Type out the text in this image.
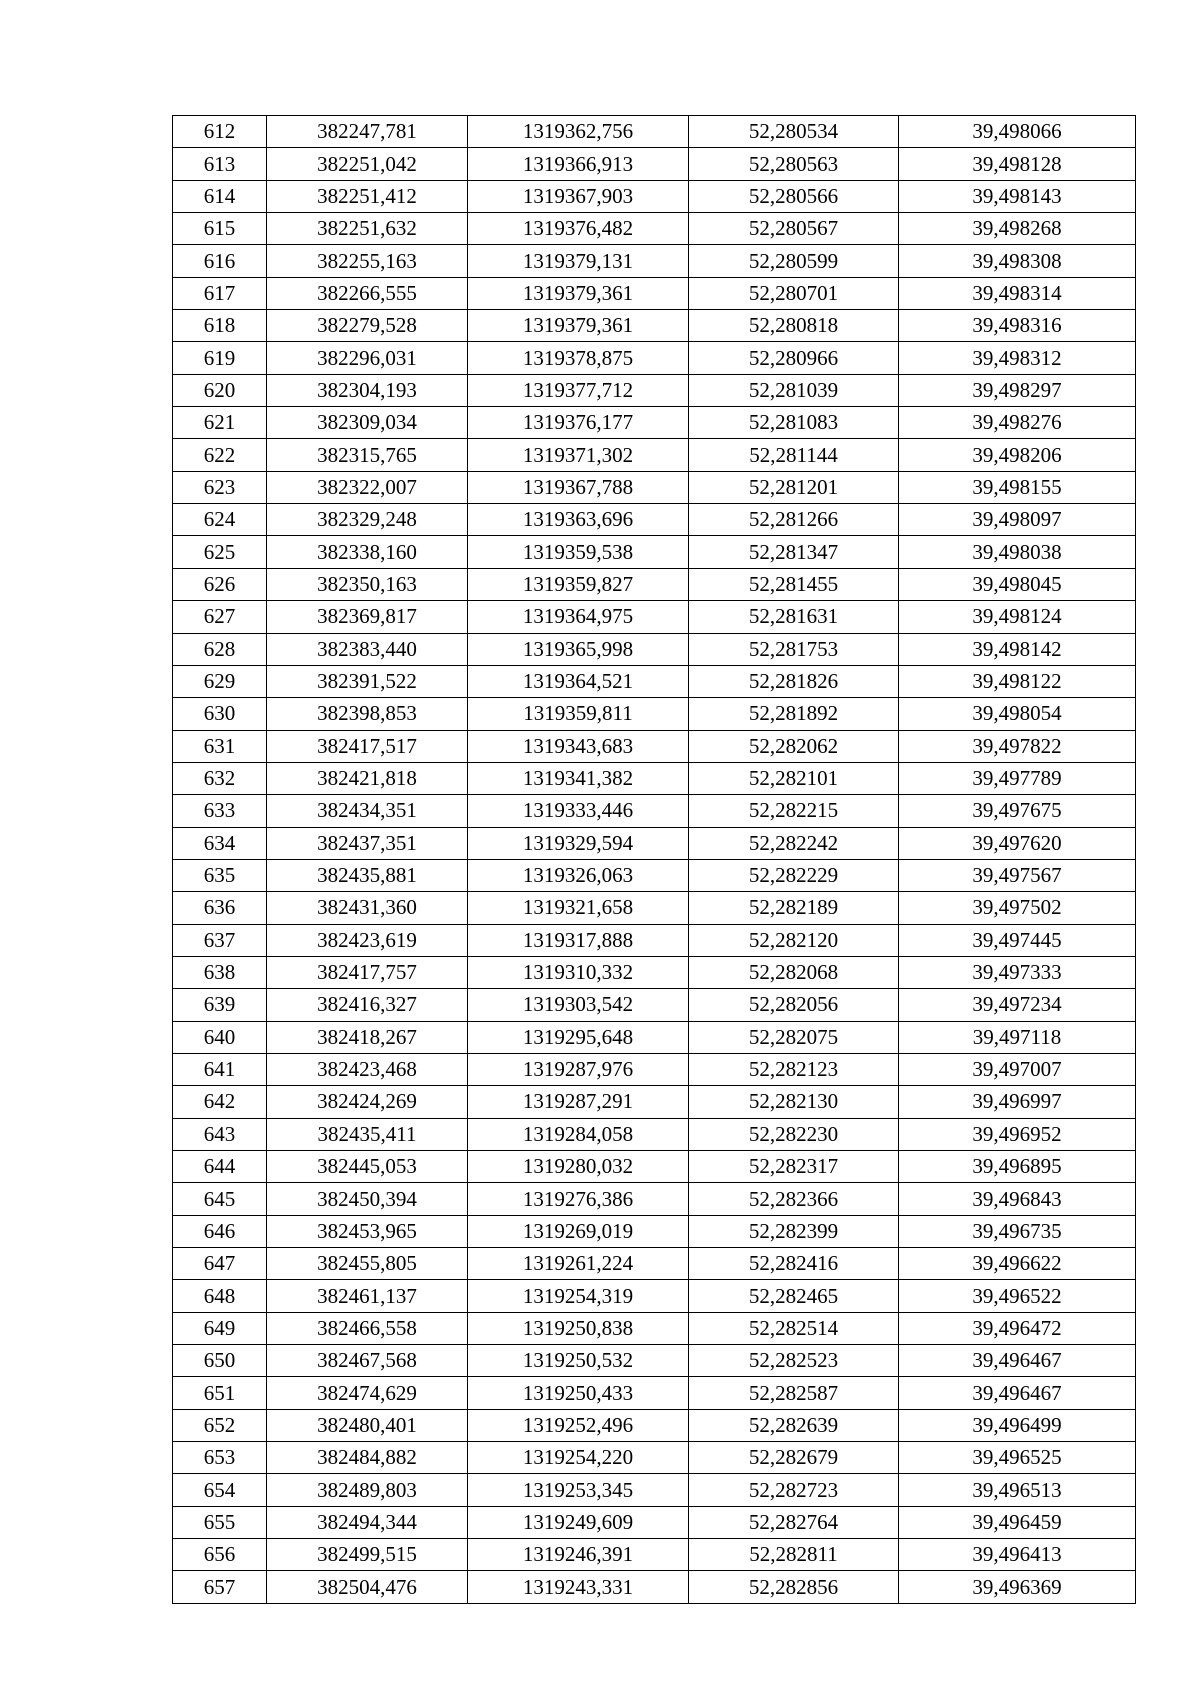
612	382247,781	1319362,756	52,280534	39,498066
613	382251,042	1319366,913	52,280563	39,498128
614	382251,412	1319367,903	52,280566	39,498143
615	382251,632	1319376,482	52,280567	39,498268
616	382255,163	1319379,131	52,280599	39,498308
617	382266,555	1319379,361	52,280701	39,498314
618	382279,528	1319379,361	52,280818	39,498316
619	382296,031	1319378,875	52,280966	39,498312
620	382304,193	1319377,712	52,281039	39,498297
621	382309,034	1319376,177	52,281083	39,498276
622	382315,765	1319371,302	52,281144	39,498206
623	382322,007	1319367,788	52,281201	39,498155
624	382329,248	1319363,696	52,281266	39,498097
625	382338,160	1319359,538	52,281347	39,498038
626	382350,163	1319359,827	52,281455	39,498045
627	382369,817	1319364,975	52,281631	39,498124
628	382383,440	1319365,998	52,281753	39,498142
629	382391,522	1319364,521	52,281826	39,498122
630	382398,853	1319359,811	52,281892	39,498054
631	382417,517	1319343,683	52,282062	39,497822
632	382421,818	1319341,382	52,282101	39,497789
633	382434,351	1319333,446	52,282215	39,497675
634	382437,351	1319329,594	52,282242	39,497620
635	382435,881	1319326,063	52,282229	39,497567
636	382431,360	1319321,658	52,282189	39,497502
637	382423,619	1319317,888	52,282120	39,497445
638	382417,757	1319310,332	52,282068	39,497333
639	382416,327	1319303,542	52,282056	39,497234
640	382418,267	1319295,648	52,282075	39,497118
641	382423,468	1319287,976	52,282123	39,497007
642	382424,269	1319287,291	52,282130	39,496997
643	382435,411	1319284,058	52,282230	39,496952
644	382445,053	1319280,032	52,282317	39,496895
645	382450,394	1319276,386	52,282366	39,496843
646	382453,965	1319269,019	52,282399	39,496735
647	382455,805	1319261,224	52,282416	39,496622
648	382461,137	1319254,319	52,282465	39,496522
649	382466,558	1319250,838	52,282514	39,496472
650	382467,568	1319250,532	52,282523	39,496467
651	382474,629	1319250,433	52,282587	39,496467
652	382480,401	1319252,496	52,282639	39,496499
653	382484,882	1319254,220	52,282679	39,496525
654	382489,803	1319253,345	52,282723	39,496513
655	382494,344	1319249,609	52,282764	39,496459
656	382499,515	1319246,391	52,282811	39,496413
657	382504,476	1319243,331	52,282856	39,496369
